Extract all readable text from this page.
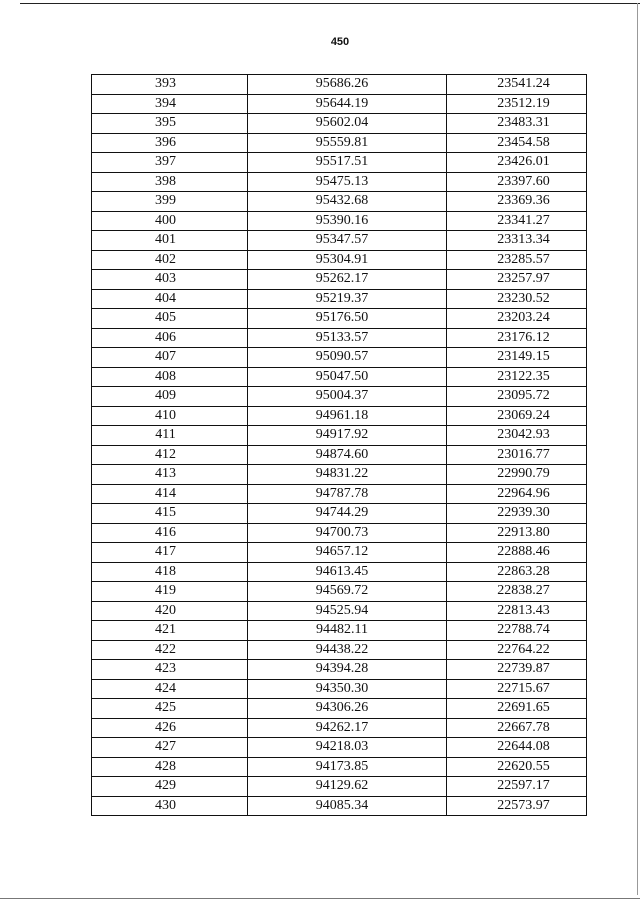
450
393	95686.26	23541.24
394	95644.19	23512.19
395	95602.04	23483.31
396	95559.81	23454.58
397	95517.51	23426.01
398	95475.13	23397.60
399	95432.68	23369.36
400	95390.16	23341.27
401	95347.57	23313.34
402	95304.91	23285.57
403	95262.17	23257.97
404	95219.37	23230.52
405	95176.50	23203.24
406	95133.57	23176.12
407	95090.57	23149.15
408	95047.50	23122.35
409	95004.37	23095.72
410	94961.18	23069.24
411	94917.92	23042.93
412	94874.60	23016.77
413	94831.22	22990.79
414	94787.78	22964.96
415	94744.29	22939.30
416	94700.73	22913.80
417	94657.12	22888.46
418	94613.45	22863.28
419	94569.72	22838.27
420	94525.94	22813.43
421	94482.11	22788.74
422	94438.22	22764.22
423	94394.28	22739.87
424	94350.30	22715.67
425	94306.26	22691.65
426	94262.17	22667.78
427	94218.03	22644.08
428	94173.85	22620.55
429	94129.62	22597.17
430	94085.34	22573.97
